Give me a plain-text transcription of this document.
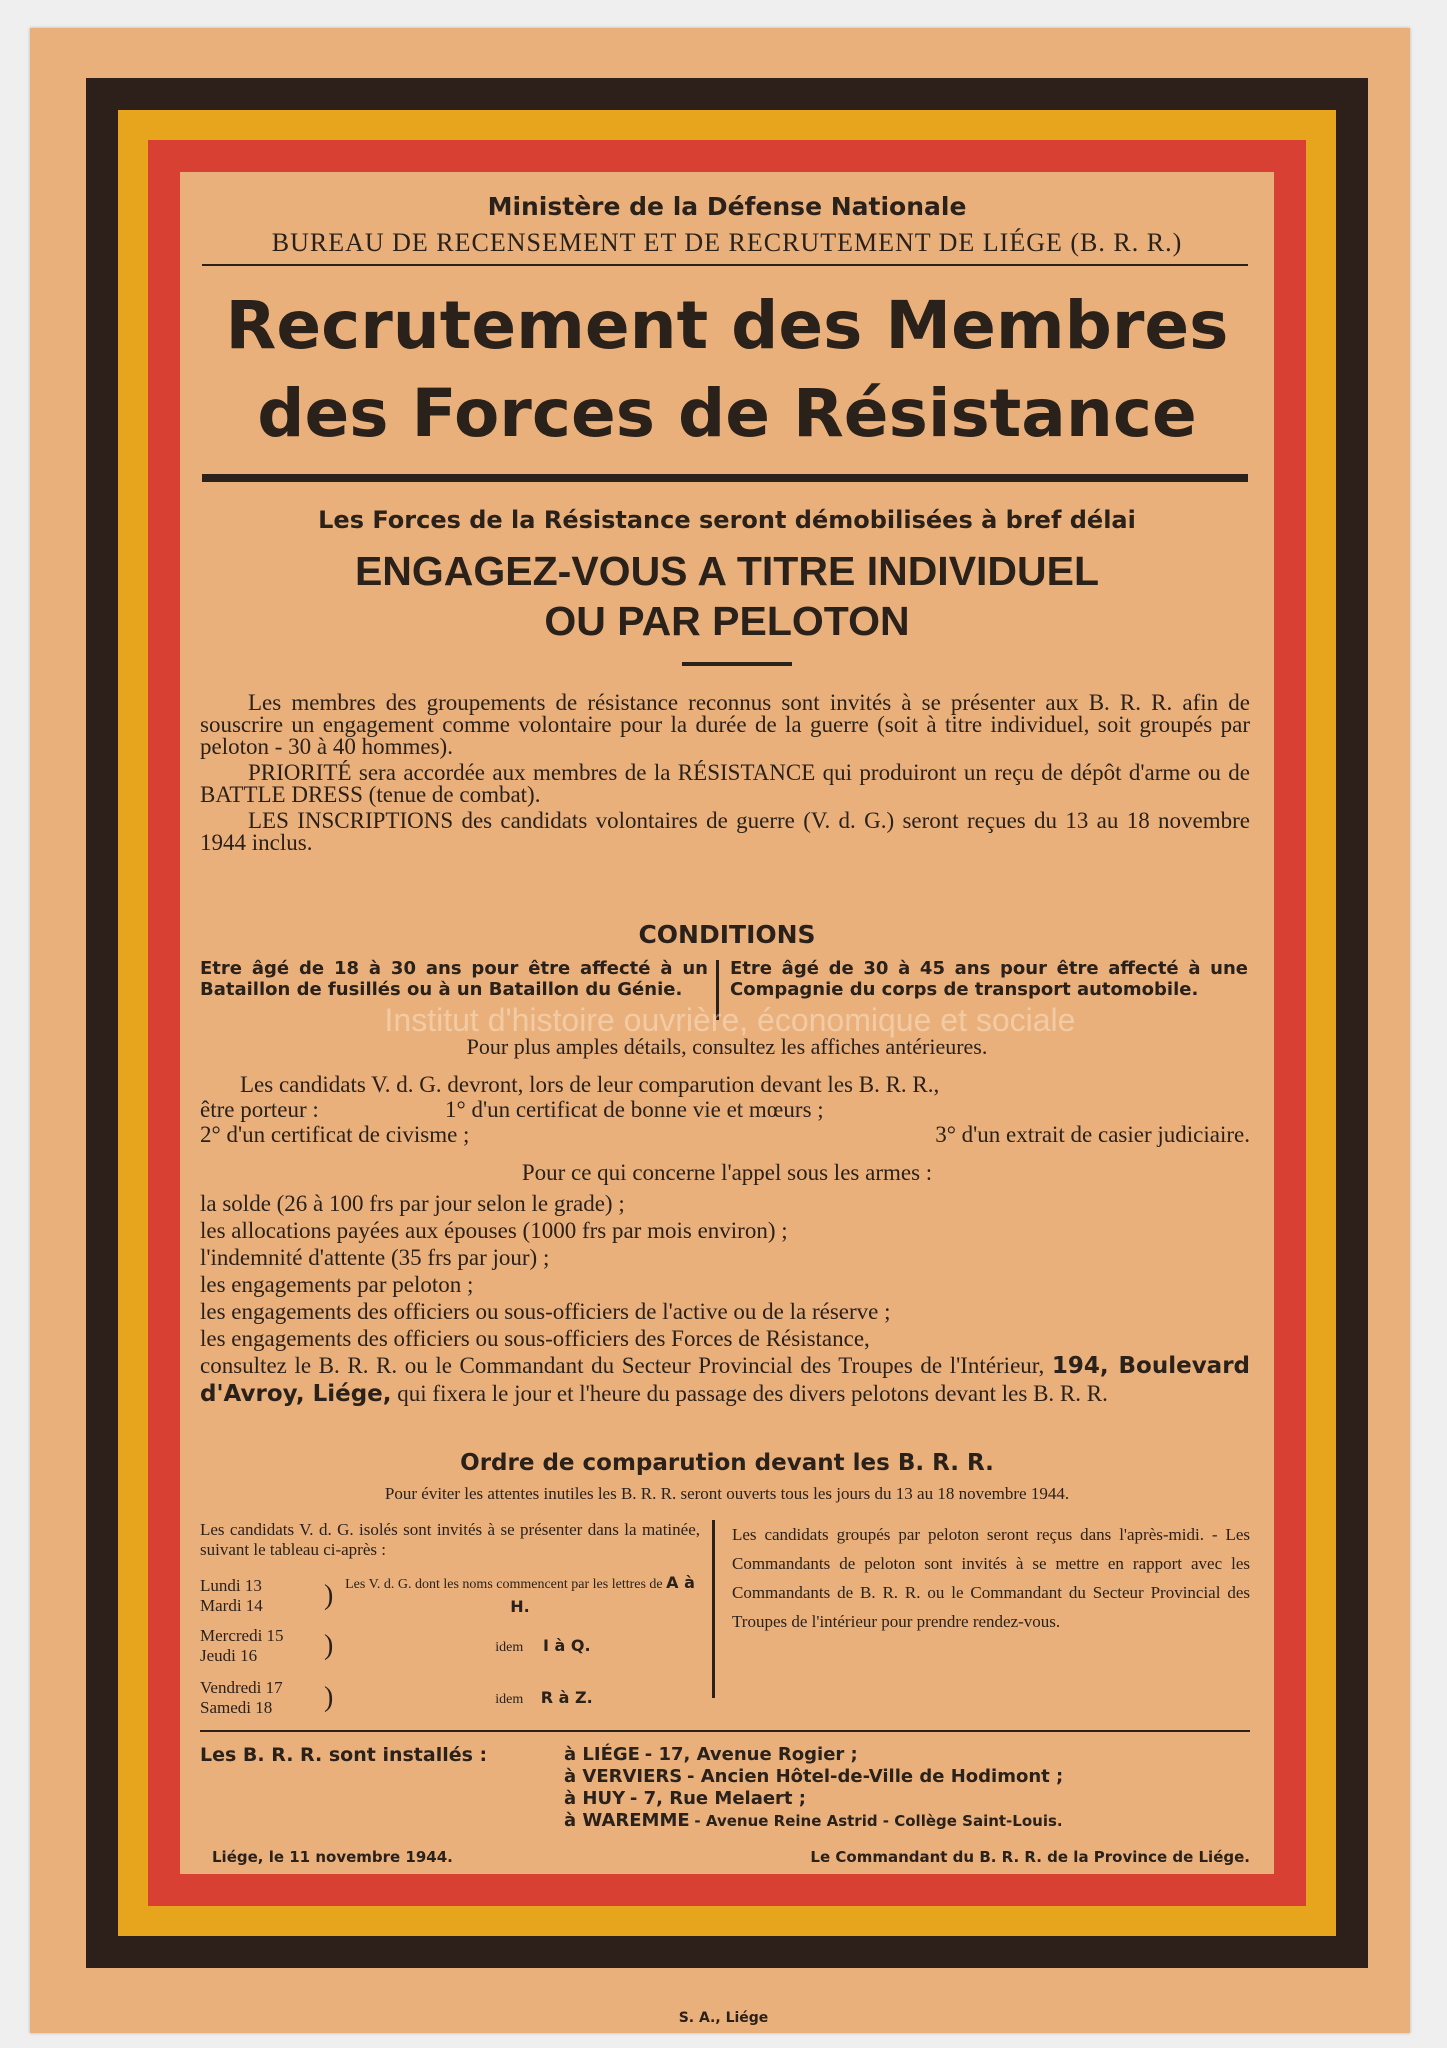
Ministère de la Défense Nationale
BUREAU DE RECENSEMENT ET DE RECRUTEMENT DE LIÉGE (B. R. R.)
Recrutement des Membres
des Forces de Résistance
Les Forces de la Résistance seront démobilisées à bref délai
ENGAGEZ-VOUS A TITRE INDIVIDUEL
OU PAR PELOTON

Les membres des groupements de résistance reconnus sont invités à se présenter aux B. R. R. afin de souscrire un engagement comme volontaire pour la durée de la guerre (soit à titre individuel, soit groupés par peloton - 30 à 40 hommes).

PRIORITÉ sera accordée aux membres de la RÉSISTANCE qui produiront un reçu de dépôt d'arme ou de BATTLE DRESS (tenue de combat).

LES INSCRIPTIONS des candidats volontaires de guerre (V. d. G.) seront reçues du 13 au 18 novembre 1944 inclus.

CONDITIONS
Etre âgé de 18 à 30 ans pour être affecté à un Bataillon de fusillés ou à un Bataillon du Génie.
Etre âgé de 30 à 45 ans pour être affecté à une Compagnie du corps de transport automobile.
Pour plus amples détails, consultez les affiches antérieures.
Les candidats V. d. G. devront, lors de leur comparution devant les B. R. R.,
être porteur :	1° d'un certificat de bonne vie et mœurs ;
2° d'un certificat de civisme ;	3° d'un extrait de casier judiciaire.
Pour ce qui concerne l'appel sous les armes :
la solde (26 à 100 frs par jour selon le grade) ;
les allocations payées aux épouses (1000 frs par mois environ) ;
l'indemnité d'attente (35 frs par jour) ;
les engagements par peloton ;
les engagements des officiers ou sous-officiers de l'active ou de la réserve ;
les engagements des officiers ou sous-officiers des Forces de Résistance,
consultez le B. R. R. ou le Commandant du Secteur Provincial des Troupes de l'Intérieur, 194, Boulevard d'Avroy, Liége, qui fixera le jour et l'heure du passage des divers pelotons devant les B. R. R.
Ordre de comparution devant les B. R. R.
Pour éviter les attentes inutiles les B. R. R. seront ouverts tous les jours du 13 au 18 novembre 1944.
Les candidats V. d. G. isolés sont invités à se présenter dans la matinée, suivant le tableau ci-après :
Lundi 13
Mardi 14	) Les V. d. G. dont les noms commencent par les lettres de A à H.
Mercredi 15
Jeudi 16	)	idem I à Q.
Vendredi 17
Samedi 18	)	idem R à Z.
Les candidats groupés par peloton seront reçus dans l'après-midi. - Les Commandants de peloton sont invités à se mettre en rapport avec les Commandants de B. R. R. ou le Commandant du Secteur Provincial des Troupes de l'intérieur pour prendre rendez-vous.
Les B. R. R. sont installés :	à LIÉGE - 17, Avenue Rogier ;
à VERVIERS - Ancien Hôtel-de-Ville de Hodimont ;
à HUY - 7, Rue Melaert ;
à WAREMME - Avenue Reine Astrid - Collège Saint-Louis.
Liége, le 11 novembre 1944.	Le Commandant du B. R. R. de la Province de Liége.
Institut d'histoire ouvrière, économique et sociale
S. A., Liége
